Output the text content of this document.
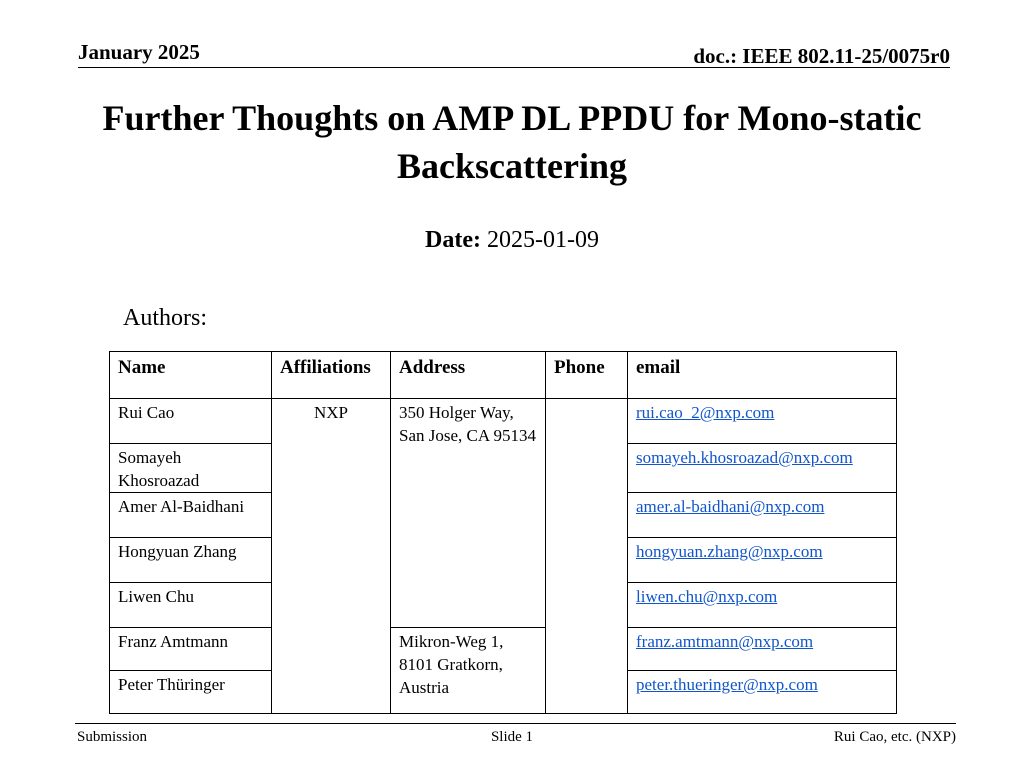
January 2025	doc.: IEEE 802.11-25/0075r0
Further Thoughts on AMP DL PPDU for Mono-static Backscattering
Date: 2025-01-09
Authors:
Name	Affiliations	Address	Phone	email
Rui Cao	NXP	350 Holger Way, San Jose, CA 95134		rui.cao_2@nxp.com
Somayeh Khosroazad				somayeh.khosroazad@nxp.com
Amer Al-Baidhani				amer.al-baidhani@nxp.com
Hongyuan Zhang				hongyuan.zhang@nxp.com
Liwen Chu				liwen.chu@nxp.com
Franz Amtmann		Mikron-Weg 1, 8101 Gratkorn, Austria		franz.amtmann@nxp.com
Peter Thüringer				peter.thueringer@nxp.com
Submission	Slide 1	Rui Cao, etc. (NXP)
